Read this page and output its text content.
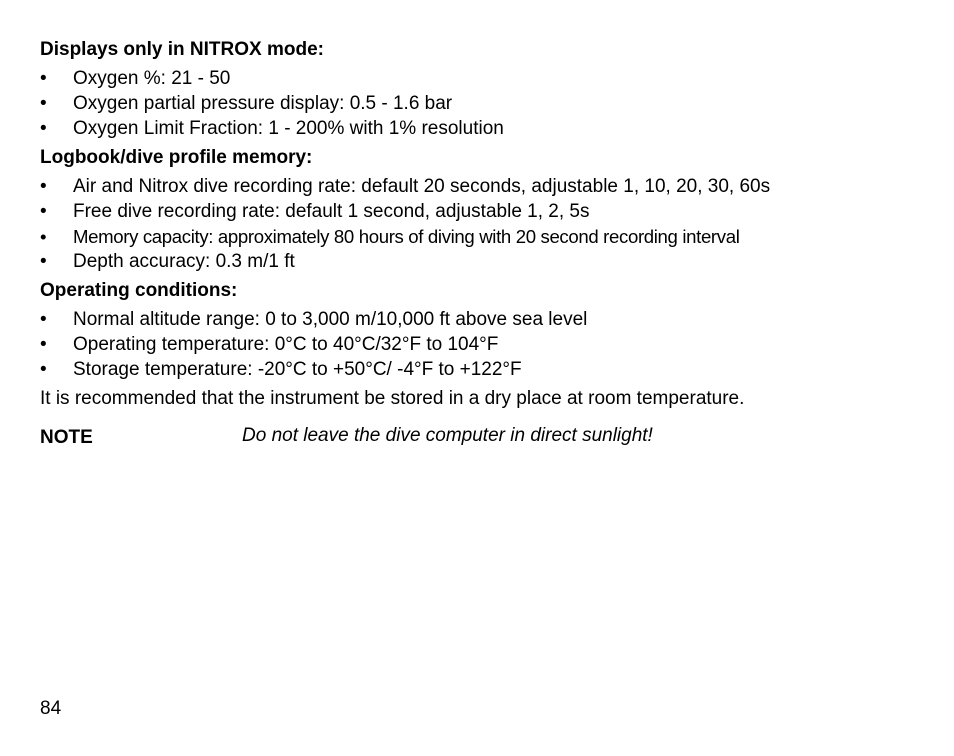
Displays only in NITROX mode:

• Oxygen %: 21 - 50
• Oxygen partial pressure display: 0.5 - 1.6 bar
• Oxygen Limit Fraction: 1 - 200% with 1% resolution

Logbook/dive profile memory:

• Air and Nitrox dive recording rate: default 20 seconds, adjustable 1, 10, 20, 30, 60s
• Free dive recording rate: default 1 second, adjustable 1, 2, 5s
• Memory capacity: approximately 80 hours of diving with 20 second recording interval
• Depth accuracy: 0.3 m/1 ft

Operating conditions:

• Normal altitude range: 0 to 3,000 m/10,000 ft above sea level
• Operating temperature: 0°C to 40°C/32°F to 104°F
• Storage temperature: -20°C to +50°C/ -4°F to +122°F

It is recommended that the instrument be stored in a dry place at room temperature.

NOTE	Do not leave the dive computer in direct sunlight!
84
